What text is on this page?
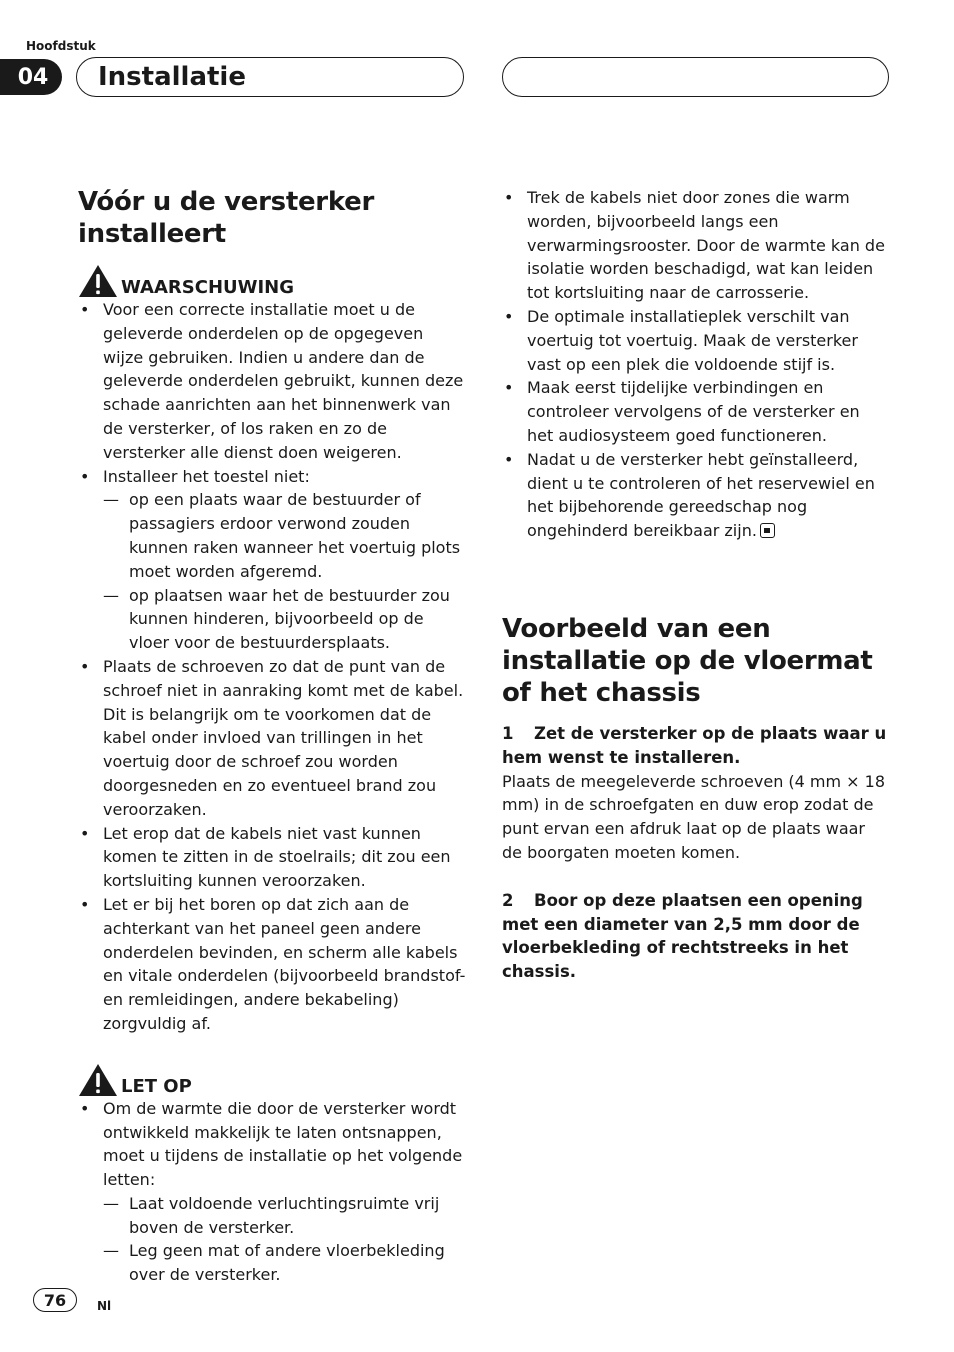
Hoofdstuk
04	Installatie
Vóór u de versterker installeert
WAARSCHUWING
• Voor een correcte installatie moet u de geleverde onderdelen op de opgegeven wijze gebruiken. Indien u andere dan de geleverde onderdelen gebruikt, kunnen deze schade aanrichten aan het binnenwerk van de versterker, of los raken en zo de versterker alle dienst doen weigeren.
• Installeer het toestel niet:
— op een plaats waar de bestuurder of passagiers erdoor verwond zouden kunnen raken wanneer het voertuig plots moet worden afgeremd.
— op plaatsen waar het de bestuurder zou kunnen hinderen, bijvoorbeeld op de vloer voor de bestuurdersplaats.
• Plaats de schroeven zo dat de punt van de schroef niet in aanraking komt met de kabel. Dit is belangrijk om te voorkomen dat de kabel onder invloed van trillingen in het voertuig door de schroef zou worden doorgesneden en zo eventueel brand zou veroorzaken.
• Let erop dat de kabels niet vast kunnen komen te zitten in de stoelrails; dit zou een kortsluiting kunnen veroorzaken.
• Let er bij het boren op dat zich aan de achterkant van het paneel geen andere onderdelen bevinden, en scherm alle kabels en vitale onderdelen (bijvoorbeeld brandstof- en remleidingen, andere bekabeling) zorgvuldig af.
LET OP
• Om de warmte die door de versterker wordt ontwikkeld makkelijk te laten ontsnappen, moet u tijdens de installatie op het volgende letten:
— Laat voldoende verluchtingsruimte vrij boven de versterker.
— Leg geen mat of andere vloerbekleding over de versterker.
• Trek de kabels niet door zones die warm worden, bijvoorbeeld langs een verwarmingsrooster. Door de warmte kan de isolatie worden beschadigd, wat kan leiden tot kortsluiting naar de carrosserie.
• De optimale installatieplek verschilt van voertuig tot voertuig. Maak de versterker vast op een plek die voldoende stijf is.
• Maak eerst tijdelijke verbindingen en controleer vervolgens of de versterker en het audiosysteem goed functioneren.
• Nadat u de versterker hebt geïnstalleerd, dient u te controleren of het reservewiel en het bijbehorende gereedschap nog ongehinderd bereikbaar zijn.
Voorbeeld van een installatie op de vloermat of het chassis
1 Zet de versterker op de plaats waar u hem wenst te installeren.
Plaats de meegeleverde schroeven (4 mm × 18 mm) in de schroefgaten en duw erop zodat de punt ervan een afdruk laat op de plaats waar de boorgaten moeten komen.
2 Boor op deze plaatsen een opening met een diameter van 2,5 mm door de vloerbekleding of rechtstreeks in het chassis.
76	Nl
